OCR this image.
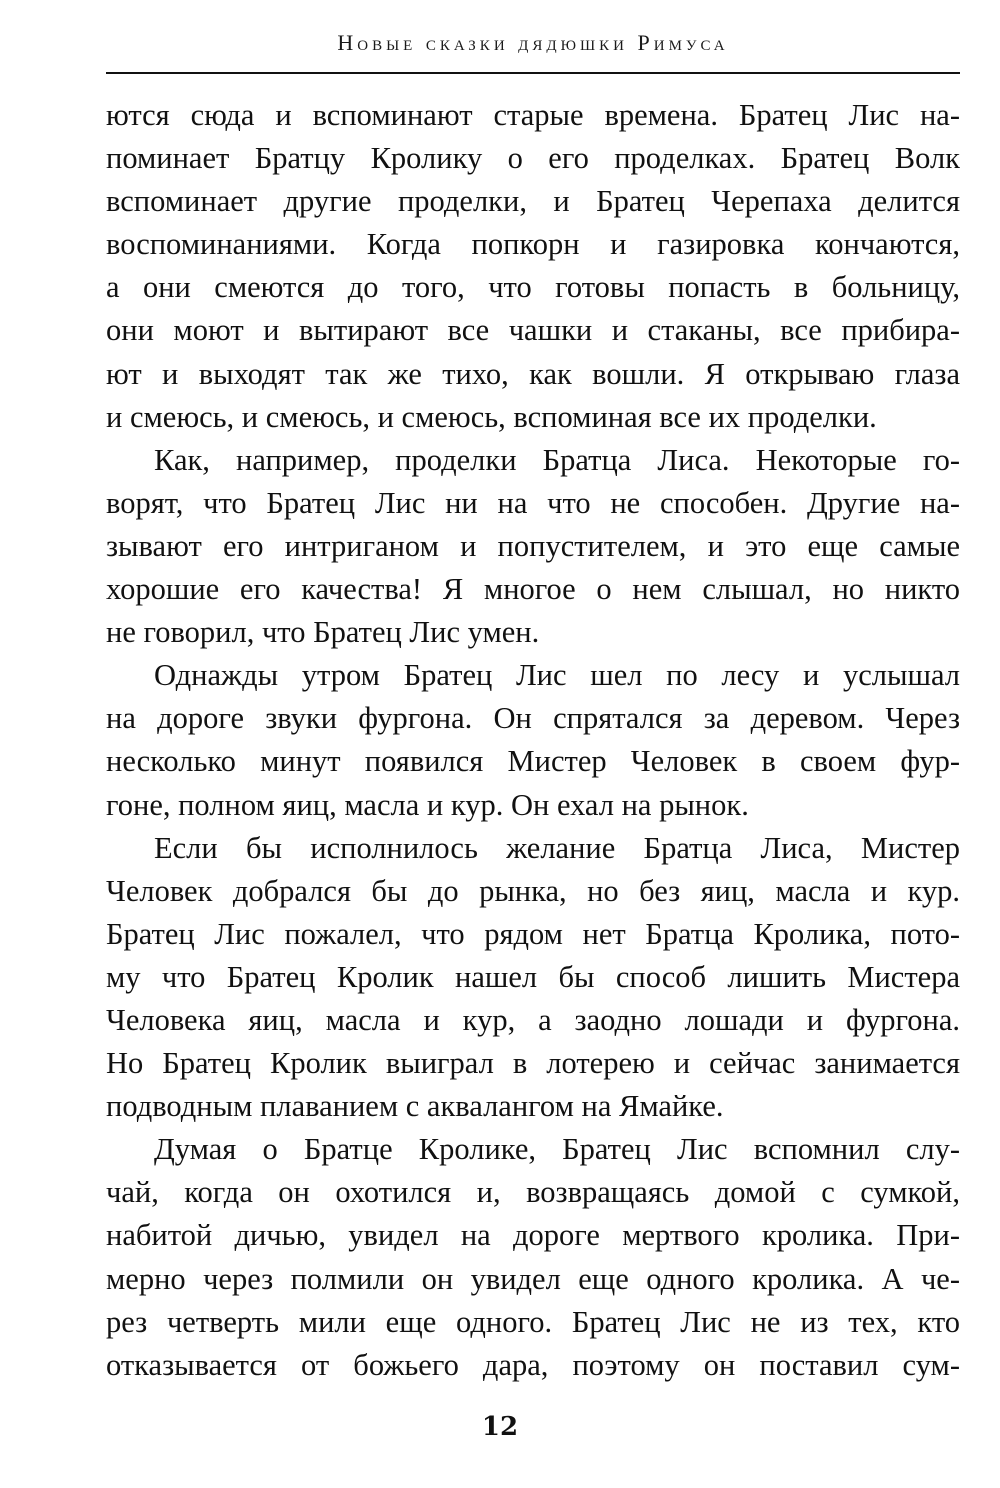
Новые сказки дядюшки Римуса
ются сюда и вспоминают старые времена. Братец Лис на-
поминает Братцу Кролику о его проделках. Братец Волк
вспоминает другие проделки, и Братец Черепаха делится
воспоминаниями. Когда попкорн и газировка кончаются,
а они смеются до того, что готовы попасть в больницу,
они моют и вытирают все чашки и стаканы, все прибира-
ют и выходят так же тихо, как вошли. Я открываю глаза
и смеюсь, и смеюсь, и смеюсь, вспоминая все их проделки.
Как, например, проделки Братца Лиса. Некоторые го-
ворят, что Братец Лис ни на что не способен. Другие на-
зывают его интриганом и попустителем, и это еще самые
хорошие его качества! Я многое о нем слышал, но никто
не говорил, что Братец Лис умен.
Однажды утром Братец Лис шел по лесу и услышал
на дороге звуки фургона. Он спрятался за деревом. Через
несколько минут появился Мистер Человек в своем фур-
гоне, полном яиц, масла и кур. Он ехал на рынок.
Если бы исполнилось желание Братца Лиса, Мистер
Человек добрался бы до рынка, но без яиц, масла и кур.
Братец Лис пожалел, что рядом нет Братца Кролика, пото-
му что Братец Кролик нашел бы способ лишить Мистера
Человека яиц, масла и кур, а заодно лошади и фургона.
Но Братец Кролик выиграл в лотерею и сейчас занимается
подводным плаванием с аквалангом на Ямайке.
Думая о Братце Кролике, Братец Лис вспомнил слу-
чай, когда он охотился и, возвращаясь домой с сумкой,
набитой дичью, увидел на дороге мертвого кролика. При-
мерно через полмили он увидел еще одного кролика. А че-
рез четверть мили еще одного. Братец Лис не из тех, кто
отказывается от божьего дара, поэтому он поставил сум-
12
